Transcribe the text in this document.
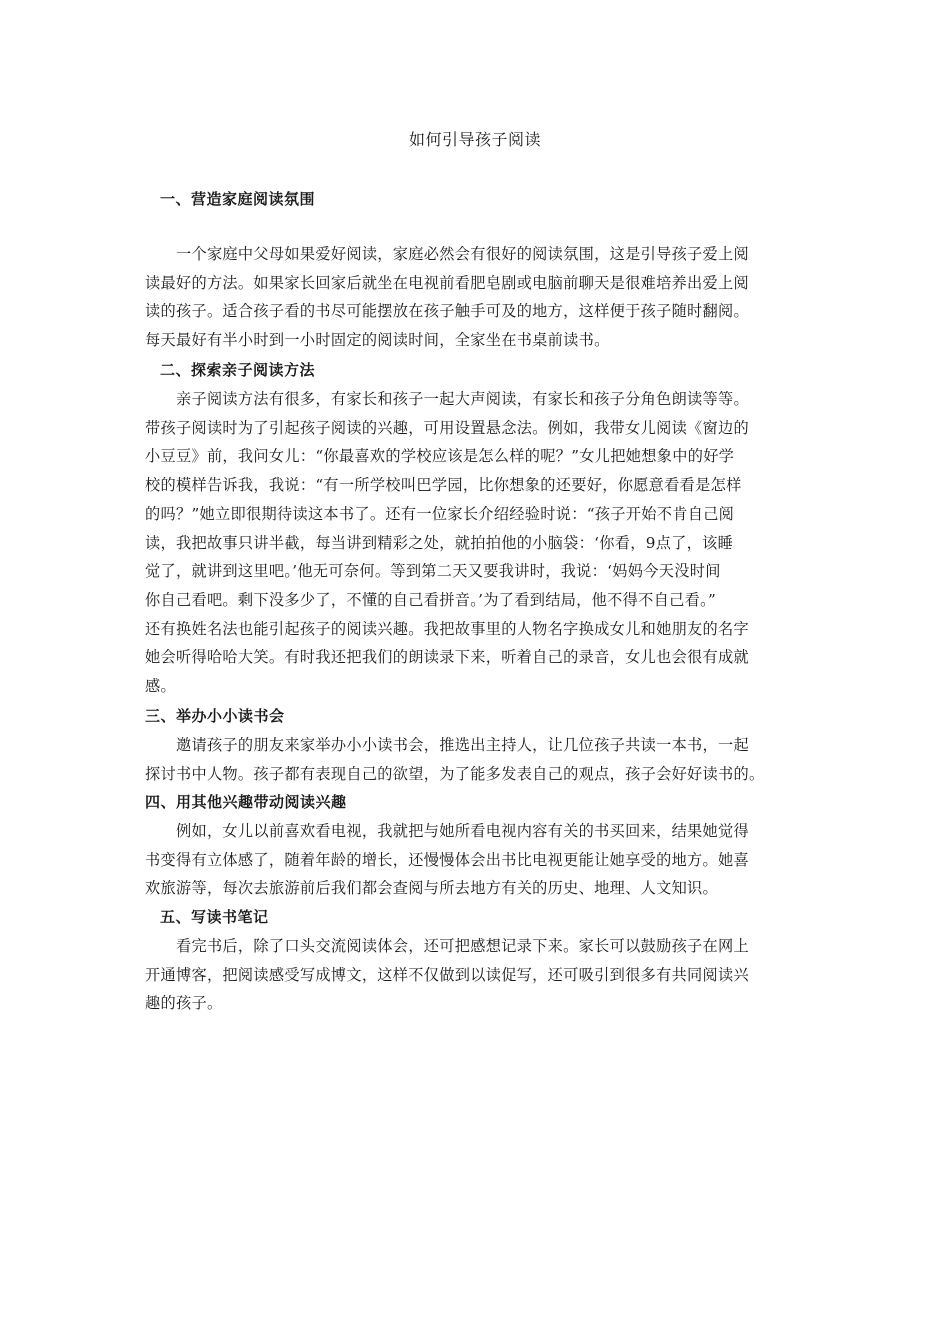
如何引导孩子阅读
一、营造家庭阅读氛围
　　一个家庭中父母如果爱好阅读，家庭必然会有很好的阅读氛围，这是引导孩子爱上阅
读最好的方法。如果家长回家后就坐在电视前看肥皂剧或电脑前聊天是很难培养出爱上阅
读的孩子。适合孩子看的书尽可能摆放在孩子触手可及的地方，这样便于孩子随时翻阅。
每天最好有半小时到一小时固定的阅读时间，全家坐在书桌前读书。
二、探索亲子阅读方法
　　亲子阅读方法有很多，有家长和孩子一起大声阅读，有家长和孩子分角色朗读等等。
带孩子阅读时为了引起孩子阅读的兴趣，可用设置悬念法。例如，我带女儿阅读《窗边的
小豆豆》前，我问女儿：“你最喜欢的学校应该是怎么样的呢？”女儿把她想象中的好学
校的模样告诉我，我说：“有一所学校叫巴学园，比你想象的还要好，你愿意看看是怎样
的吗？”她立即很期待读这本书了。还有一位家长介绍经验时说：“孩子开始不肯自己阅
读，我把故事只讲半截，每当讲到精彩之处，就拍拍他的小脑袋：‘你看，9点了，该睡
觉了，就讲到这里吧。’他无可奈何。等到第二天又要我讲时，我说：‘妈妈今天没时间
你自己看吧。剩下没多少了，不懂的自己看拼音。’为了看到结局，他不得不自己看。”
还有换姓名法也能引起孩子的阅读兴趣。我把故事里的人物名字换成女儿和她朋友的名字
她会听得哈哈大笑。有时我还把我们的朗读录下来，听着自己的录音，女儿也会很有成就
感。
三、举办小小读书会
　　邀请孩子的朋友来家举办小小读书会，推选出主持人，让几位孩子共读一本书，一起
探讨书中人物。孩子都有表现自己的欲望，为了能多发表自己的观点，孩子会好好读书的。
四、用其他兴趣带动阅读兴趣
　　例如，女儿以前喜欢看电视，我就把与她所看电视内容有关的书买回来，结果她觉得
书变得有立体感了，随着年龄的增长，还慢慢体会出书比电视更能让她享受的地方。她喜
欢旅游等，每次去旅游前后我们都会查阅与所去地方有关的历史、地理、人文知识。
五、写读书笔记
　　看完书后，除了口头交流阅读体会，还可把感想记录下来。家长可以鼓励孩子在网上
开通博客，把阅读感受写成博文，这样不仅做到以读促写，还可吸引到很多有共同阅读兴
趣的孩子。
